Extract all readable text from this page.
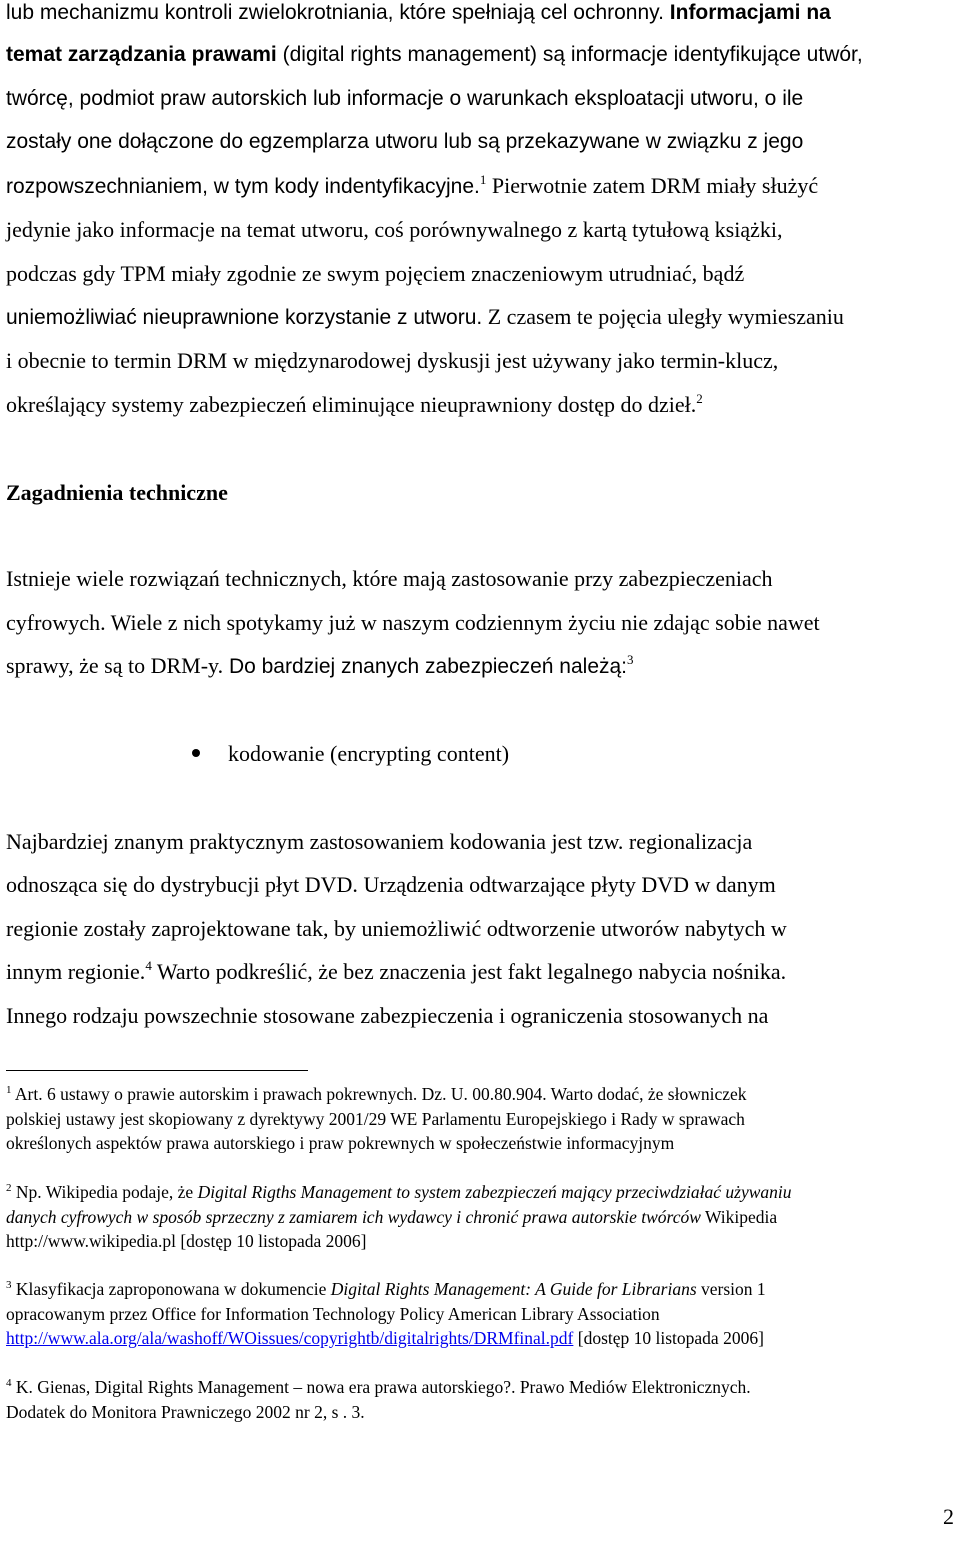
lub mechanizmu kontroli zwielokrotniania, które spełniają cel ochronny. Informacjami na
temat zarządzania prawami (digital rights management) są informacje identyfikujące utwór,
twórcę, podmiot praw autorskich lub informacje o warunkach eksploatacji utworu, o ile
zostały one dołączone do egzemplarza utworu lub są przekazywane w związku z jego
rozpowszechnianiem, w tym kody indentyfikacyjne.$^1$ Pierwotnie zatem DRM miały służyć
jedynie jako informacje na temat utworu, coś porównywalnego z kartą tytułową książki,
podczas gdy TPM miały zgodnie ze swym pojęciem znaczeniowym utrudniać, bądź
uniemożliwiać nieuprawnione korzystanie z utworu. Z czasem te pojęcia uległy wymieszaniu
i obecnie to termin DRM w międzynarodowej dyskusji jest używany jako termin-klucz,
określający systemy zabezpieczeń eliminujące nieuprawniony dostęp do dzieł.$^2$
Zagadnienia techniczne
Istnieje wiele rozwiązań technicznych, które mają zastosowanie przy zabezpieczeniach
cyfrowych. Wiele z nich spotykamy już w naszym codziennym życiu nie zdając sobie nawet
sprawy, że są to DRM-y. Do bardziej znanych zabezpieczeń należą:$^3$
kodowanie (encrypting content)
Najbardziej znanym praktycznym zastosowaniem kodowania jest tzw. regionalizacja
odnosząca się do dystrybucji płyt DVD. Urządzenia odtwarzające płyty DVD w danym
regionie zostały zaprojektowane tak, by uniemożliwić odtworzenie utworów nabytych w
innym regionie.$^4$ Warto podkreślić, że bez znaczenia jest fakt legalnego nabycia nośnika.
Innego rodzaju powszechnie stosowane zabezpieczenia i ograniczenia stosowanych na
$^1$ Art. 6 ustawy o prawie autorskim i prawach pokrewnych. Dz. U. 00.80.904. Warto dodać, że słowniczek
polskiej ustawy jest skopiowany z dyrektywy 2001/29 WE Parlamentu Europejskiego i Rady w sprawach
określonych aspektów prawa autorskiego i praw pokrewnych w społeczeństwie informacyjnym
$^2$ Np. Wikipedia podaje, że Digital Rigths Management to system zabezpieczeń mający przeciwdziałać używaniu
danych cyfrowych w sposób sprzeczny z zamiarem ich wydawcy i chronić prawa autorskie twórców Wikipedia
http://www.wikipedia.pl [dostęp 10 listopada 2006]
$^3$ Klasyfikacja zaproponowana w dokumencie Digital Rights Management: A Guide for Librarians version 1
opracowanym przez Office for Information Technology Policy American Library Association
http://www.ala.org/ala/washoff/WOissues/copyrightb/digitalrights/DRMfinal.pdf [dostęp 10 listopada 2006]
$^4$ K. Gienas, Digital Rights Management – nowa era prawa autorskiego?. Prawo Mediów Elektronicznych.
Dodatek do Monitora Prawniczego 2002 nr 2, s . 3.
2
